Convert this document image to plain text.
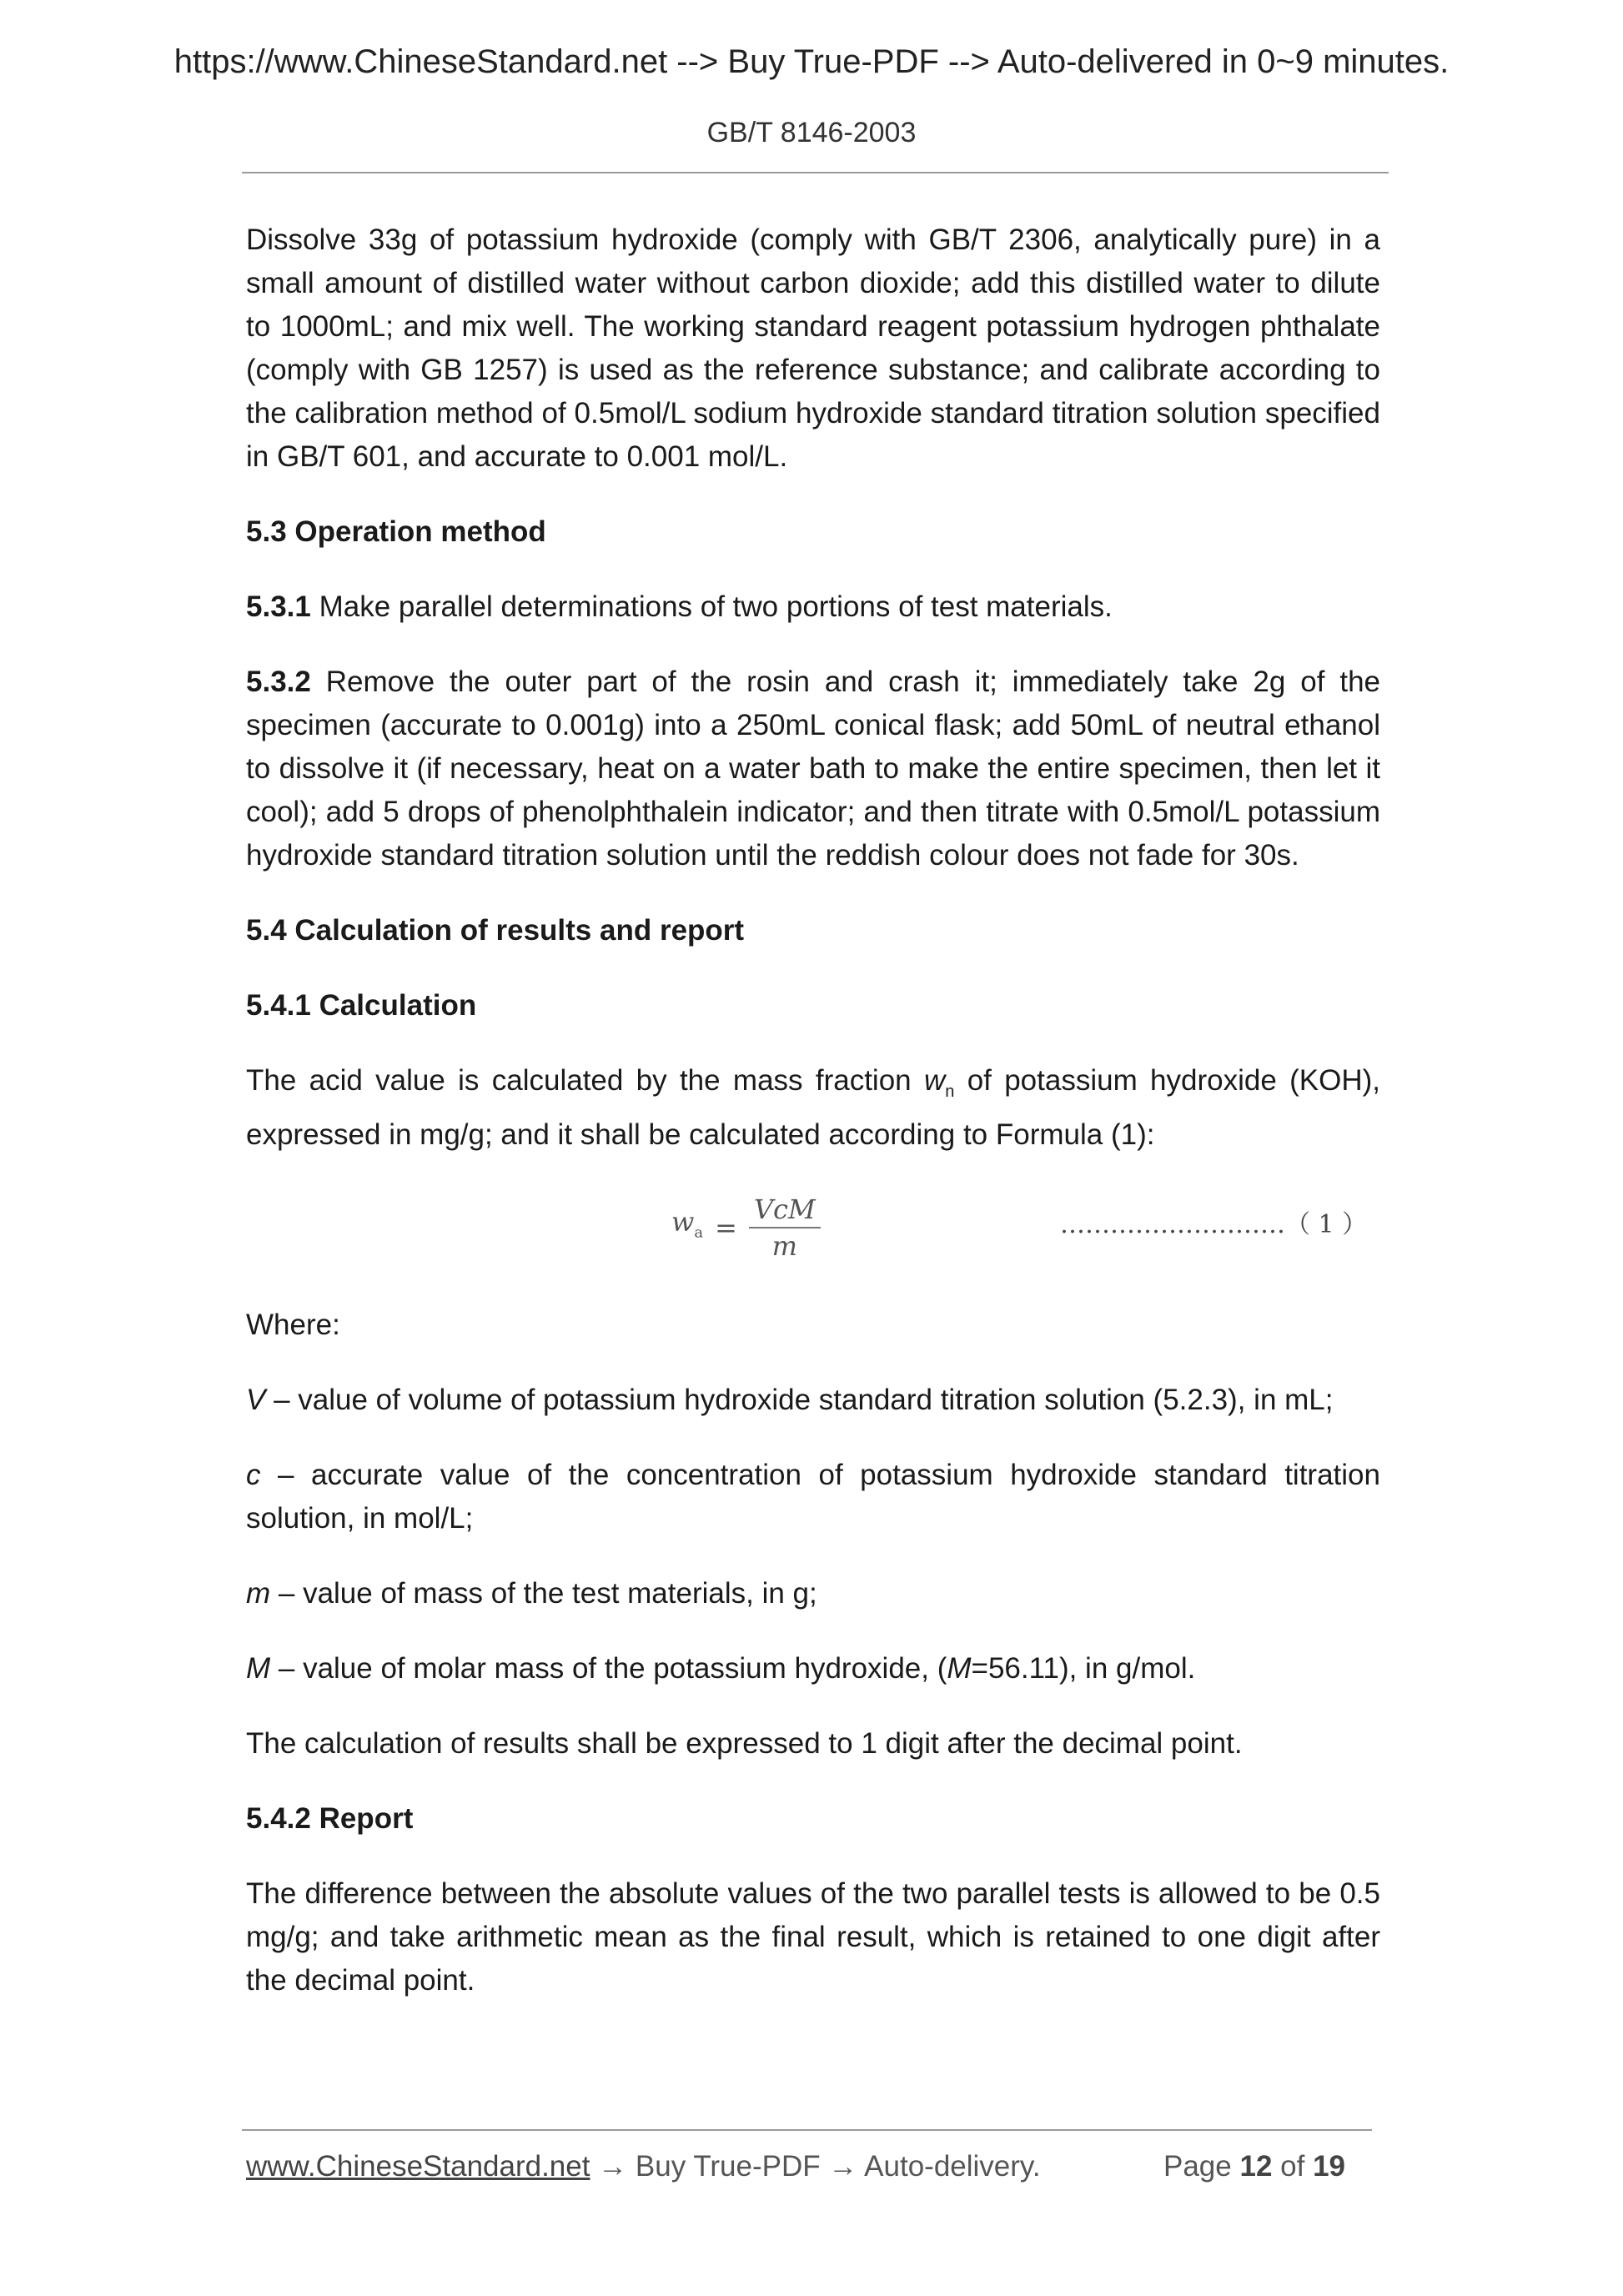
https://www.ChineseStandard.net --> Buy True-PDF --> Auto-delivered in 0~9 minutes.
GB/T 8146-2003

Dissolve 33g of potassium hydroxide (comply with GB/T 2306, analytically pure) in a small amount of distilled water without carbon dioxide; add this distilled water to dilute to 1000mL; and mix well. The working standard reagent potassium hydrogen phthalate (comply with GB 1257) is used as the reference substance; and calibrate according to the calibration method of 0.5mol/L sodium hydroxide standard titration solution specified in GB/T 601, and accurate to 0.001 mol/L.

5.3 Operation method

5.3.1 Make parallel determinations of two portions of test materials.

5.3.2 Remove the outer part of the rosin and crash it; immediately take 2g of the specimen (accurate to 0.001g) into a 250mL conical flask; add 50mL of neutral ethanol to dissolve it (if necessary, heat on a water bath to make the entire specimen, then let it cool); add 5 drops of phenolphthalein indicator; and then titrate with 0.5mol/L potassium hydroxide standard titration solution until the reddish colour does not fade for 30s.

5.4 Calculation of results and report

5.4.1 Calculation

The acid value is calculated by the mass fraction $w_n$ of potassium hydroxide (KOH), expressed in mg/g; and it shall be calculated according to Formula (1):

$w_a = \frac{\text{VcM}}{m}$	………………………（ 1 ）

Where:

V – value of volume of potassium hydroxide standard titration solution (5.2.3), in mL;

c – accurate value of the concentration of potassium hydroxide standard titration solution, in mol/L;

m – value of mass of the test materials, in g;

M – value of molar mass of the potassium hydroxide, (M=56.11), in g/mol.

The calculation of results shall be expressed to 1 digit after the decimal point.

5.4.2 Report

The difference between the absolute values of the two parallel tests is allowed to be 0.5 mg/g; and take arithmetic mean as the final result, which is retained to one digit after the decimal point.

www.ChineseStandard.net → Buy True-PDF → Auto-delivery.	Page 12 of 19
